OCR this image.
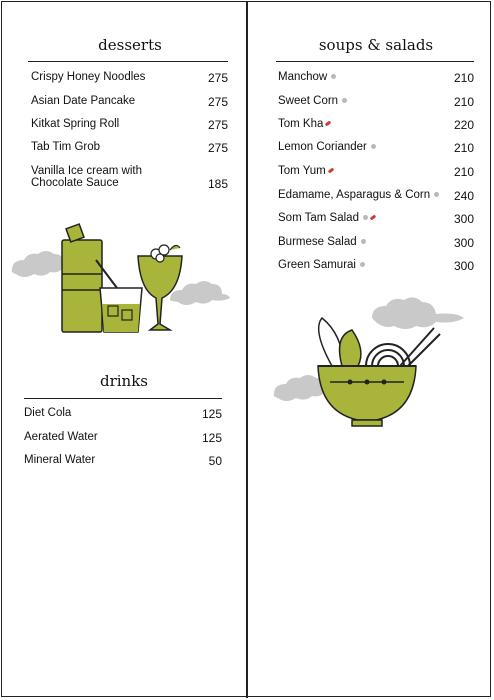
desserts
Crispy Honey Noodles	275
Asian Date Pancake	275
Kitkat Spring Roll	275
Tab Tim Grob	275
Vanilla Ice cream with
Chocolate Sauce	185
drinks
Diet Cola	125
Aerated Water	125
Mineral Water	50
soups & salads
Manchow	210
Sweet Corn	210
Tom Kha	220
Lemon Coriander	210
Tom Yum	210
Edamame, Asparagus & Corn	240
Som Tam Salad	300
Burmese Salad	300
Green Samurai	300
